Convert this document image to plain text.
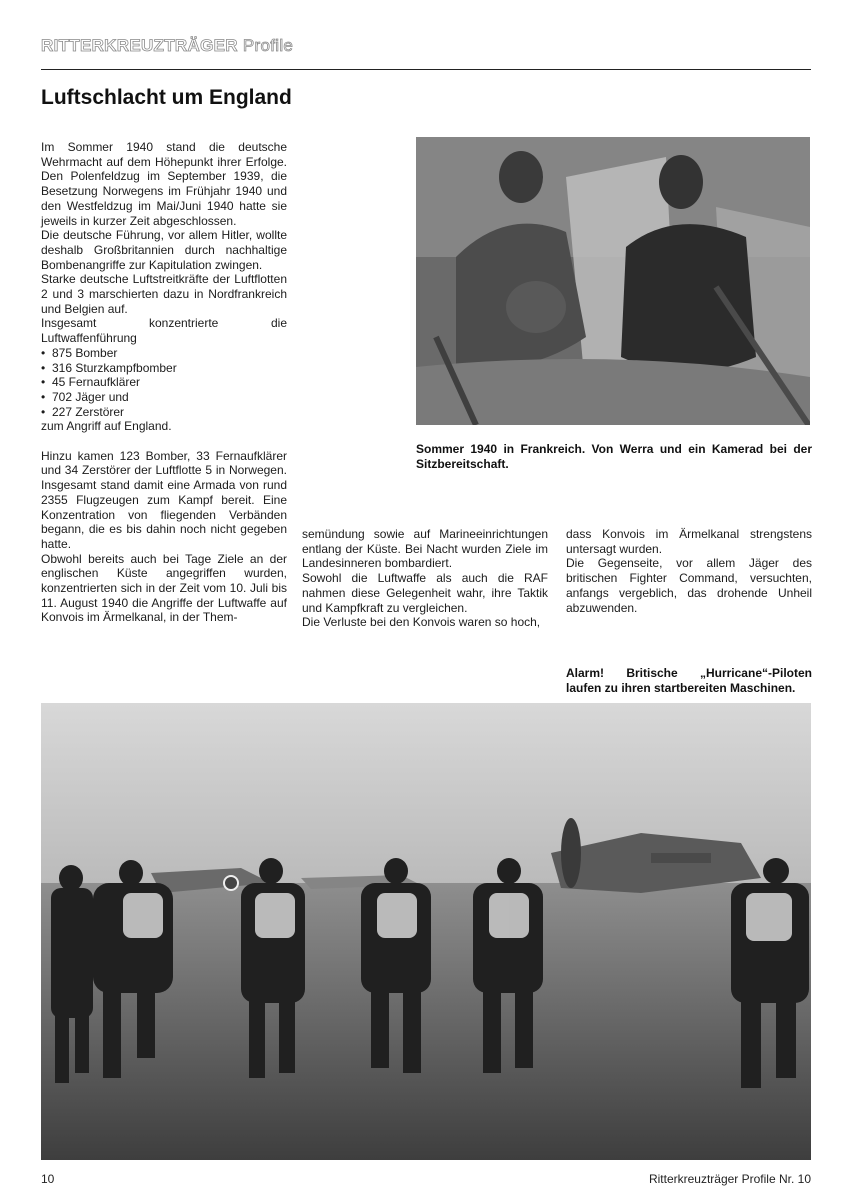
RITTERKREUZTRÄGER Profile
Luftschlacht um England

Im Sommer 1940 stand die deutsche Wehrmacht auf dem Höhepunkt ihrer Erfolge. Den Polenfeldzug im September 1939, die Besetzung Norwegens im Frühjahr 1940 und den Westfeldzug im Mai/Juni 1940 hatte sie jeweils in kurzer Zeit abgeschlossen.

Die deutsche Führung, vor allem Hitler, wollte deshalb Großbritannien durch nachhaltige Bombenangriffe zur Kapitulation zwingen.

Starke deutsche Luftstreitkräfte der Luftflotten 2 und 3 marschierten dazu in Nordfrankreich und Belgien auf.

Insgesamt konzentrierte die Luftwaffenführung

• 875 Bomber
• 316 Sturzkampfbomber
• 45 Fernaufklärer
• 702 Jäger und
• 227 Zerstörer

zum Angriff auf England.

Hinzu kamen 123 Bomber, 33 Fernaufklärer und 34 Zerstörer der Luftflotte 5 in Norwegen. Insgesamt stand damit eine Armada von rund 2355 Flugzeugen zum Kampf bereit. Eine Konzentration von fliegenden Verbänden begann, die es bis dahin noch nicht gegeben hatte.

Obwohl bereits auch bei Tage Ziele an der englischen Küste angegriffen wurden, konzentrierten sich in der Zeit vom 10. Juli bis 11. August 1940 die Angriffe der Luftwaffe auf Konvois im Ärmelkanal, in der Them-

Sommer 1940 in Frankreich. Von Werra und ein Kamerad bei der Sitzbereitschaft.

semündung sowie auf Marineeinrichtungen entlang der Küste. Bei Nacht wurden Ziele im Landesinneren bombardiert.

Sowohl die Luftwaffe als auch die RAF nahmen diese Gelegenheit wahr, ihre Taktik und Kampfkraft zu vergleichen.

Die Verluste bei den Konvois waren so hoch,

dass Konvois im Ärmelkanal strengstens untersagt wurden.

Die Gegenseite, vor allem Jäger des britischen Fighter Command, versuchten, anfangs vergeblich, das drohende Unheil abzuwenden.

Alarm! Britische „Hurricane“-Piloten laufen zu ihren startbereiten Maschinen.
10	Ritterkreuzträger Profile Nr. 10
